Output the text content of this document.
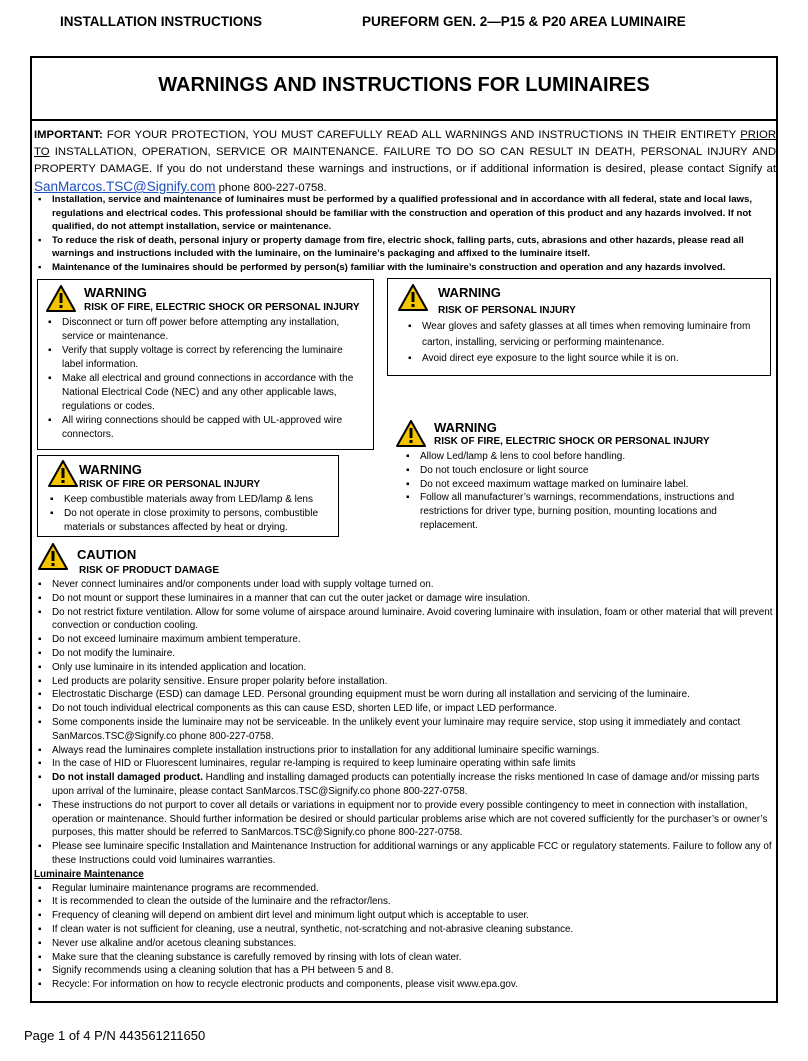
INSTALLATION INSTRUCTIONS	PUREFORM GEN. 2—P15 & P20 AREA LUMINAIRE
WARNINGS AND INSTRUCTIONS FOR LUMINAIRES
IMPORTANT: FOR YOUR PROTECTION, YOU MUST CAREFULLY READ ALL WARNINGS AND INSTRUCTIONS IN THEIR ENTIRETY PRIOR TO INSTALLATION, OPERATION, SERVICE OR MAINTENANCE. FAILURE TO DO SO CAN RESULT IN DEATH, PERSONAL INJURY AND PROPERTY DAMAGE. If you do not understand these warnings and instructions, or if additional information is desired, please contact Signify at SanMarcos.TSC@Signify.com phone 800-227-0758.
▪ Installation, service and maintenance of luminaires must be performed by a qualified professional and in accordance with all federal, state and local laws, regulations and electrical codes. This professional should be familiar with the construction and operation of this product and any hazards involved. If not qualified, do not attempt installation, service or maintenance.
▪ To reduce the risk of death, personal injury or property damage from fire, electric shock, falling parts, cuts, abrasions and other hazards, please read all warnings and instructions included with the luminaire, on the luminaire’s packaging and affixed to the luminaire itself.
▪ Maintenance of the luminaires should be performed by person(s) familiar with the luminaire’s construction and operation and any hazards involved.
WARNING
RISK OF FIRE, ELECTRIC SHOCK OR PERSONAL INJURY
▪ Disconnect or turn off power before attempting any installation, service or maintenance.
▪ Verify that supply voltage is correct by referencing the luminaire label information.
▪ Make all electrical and ground connections in accordance with the National Electrical Code (NEC) and any other applicable laws, regulations or codes.
▪ All wiring connections should be capped with UL-approved wire connectors.
WARNING
RISK OF PERSONAL INJURY
▪ Wear gloves and safety glasses at all times when removing luminaire from carton, installing, servicing or performing maintenance.
▪ Avoid direct eye exposure to the light source while it is on.
WARNING
RISK OF FIRE, ELECTRIC SHOCK OR PERSONAL INJURY
▪ Allow Led/lamp & lens to cool before handling.
▪ Do not touch enclosure or light source
▪ Do not exceed maximum wattage marked on luminaire label.
▪ Follow all manufacturer’s warnings, recommendations, instructions and restrictions for driver type, burning position, mounting locations and replacement.
WARNING
RISK OF FIRE OR PERSONAL INJURY
▪ Keep combustible materials away from LED/lamp & lens
▪ Do not operate in close proximity to persons, combustible materials or substances affected by heat or drying.
CAUTION
RISK OF PRODUCT DAMAGE
▪ Never connect luminaires and/or components under load with supply voltage turned on.
▪ Do not mount or support these luminaires in a manner that can cut the outer jacket or damage wire insulation.
▪ Do not restrict fixture ventilation. Allow for some volume of airspace around luminaire. Avoid covering luminaire with insulation, foam or other material that will prevent convection or conduction cooling.
▪ Do not exceed luminaire maximum ambient temperature.
▪ Do not modify the luminaire.
▪ Only use luminaire in its intended application and location.
▪ Led products are polarity sensitive. Ensure proper polarity before installation.
▪ Electrostatic Discharge (ESD) can damage LED. Personal grounding equipment must be worn during all installation and servicing of the luminaire.
▪ Do not touch individual electrical components as this can cause ESD, shorten LED life, or impact LED performance.
▪ Some components inside the luminaire may not be serviceable. In the unlikely event your luminaire may require service, stop using it immediately and contact SanMarcos.TSC@Signify.co phone 800-227-0758.
▪ Always read the luminaires complete installation instructions prior to installation for any additional luminaire specific warnings.
▪ In the case of HID or Fluorescent luminaires, regular re-lamping is required to keep luminaire operating within safe limits
▪ Do not install damaged product. Handling and installing damaged products can potentially increase the risks mentioned In case of damage and/or missing parts upon arrival of the luminaire, please contact SanMarcos.TSC@Signify.co phone 800-227-0758.
▪ These instructions do not purport to cover all details or variations in equipment nor to provide every possible contingency to meet in connection with installation, operation or maintenance. Should further information be desired or should particular problems arise which are not covered sufficiently for the purchaser’s or owner’s purposes, this matter should be referred to SanMarcos.TSC@Signify.co phone 800-227-0758.
▪ Please see luminaire specific Installation and Maintenance Instruction for additional warnings or any applicable FCC or regulatory statements. Failure to follow any of these Instructions could void luminaires warranties.
Luminaire Maintenance
▪ Regular luminaire maintenance programs are recommended.
▪ It is recommended to clean the outside of the luminaire and the refractor/lens.
▪ Frequency of cleaning will depend on ambient dirt level and minimum light output which is acceptable to user.
▪ If clean water is not sufficient for cleaning, use a neutral, synthetic, not-scratching and not-abrasive cleaning substance.
▪ Never use alkaline and/or acetous cleaning substances.
▪ Make sure that the cleaning substance is carefully removed by rinsing with lots of clean water.
▪ Signify recommends using a cleaning solution that has a PH between 5 and 8.
▪ Recycle: For information on how to recycle electronic products and components, please visit www.epa.gov.
Page 1 of 4 P/N 443561211650
